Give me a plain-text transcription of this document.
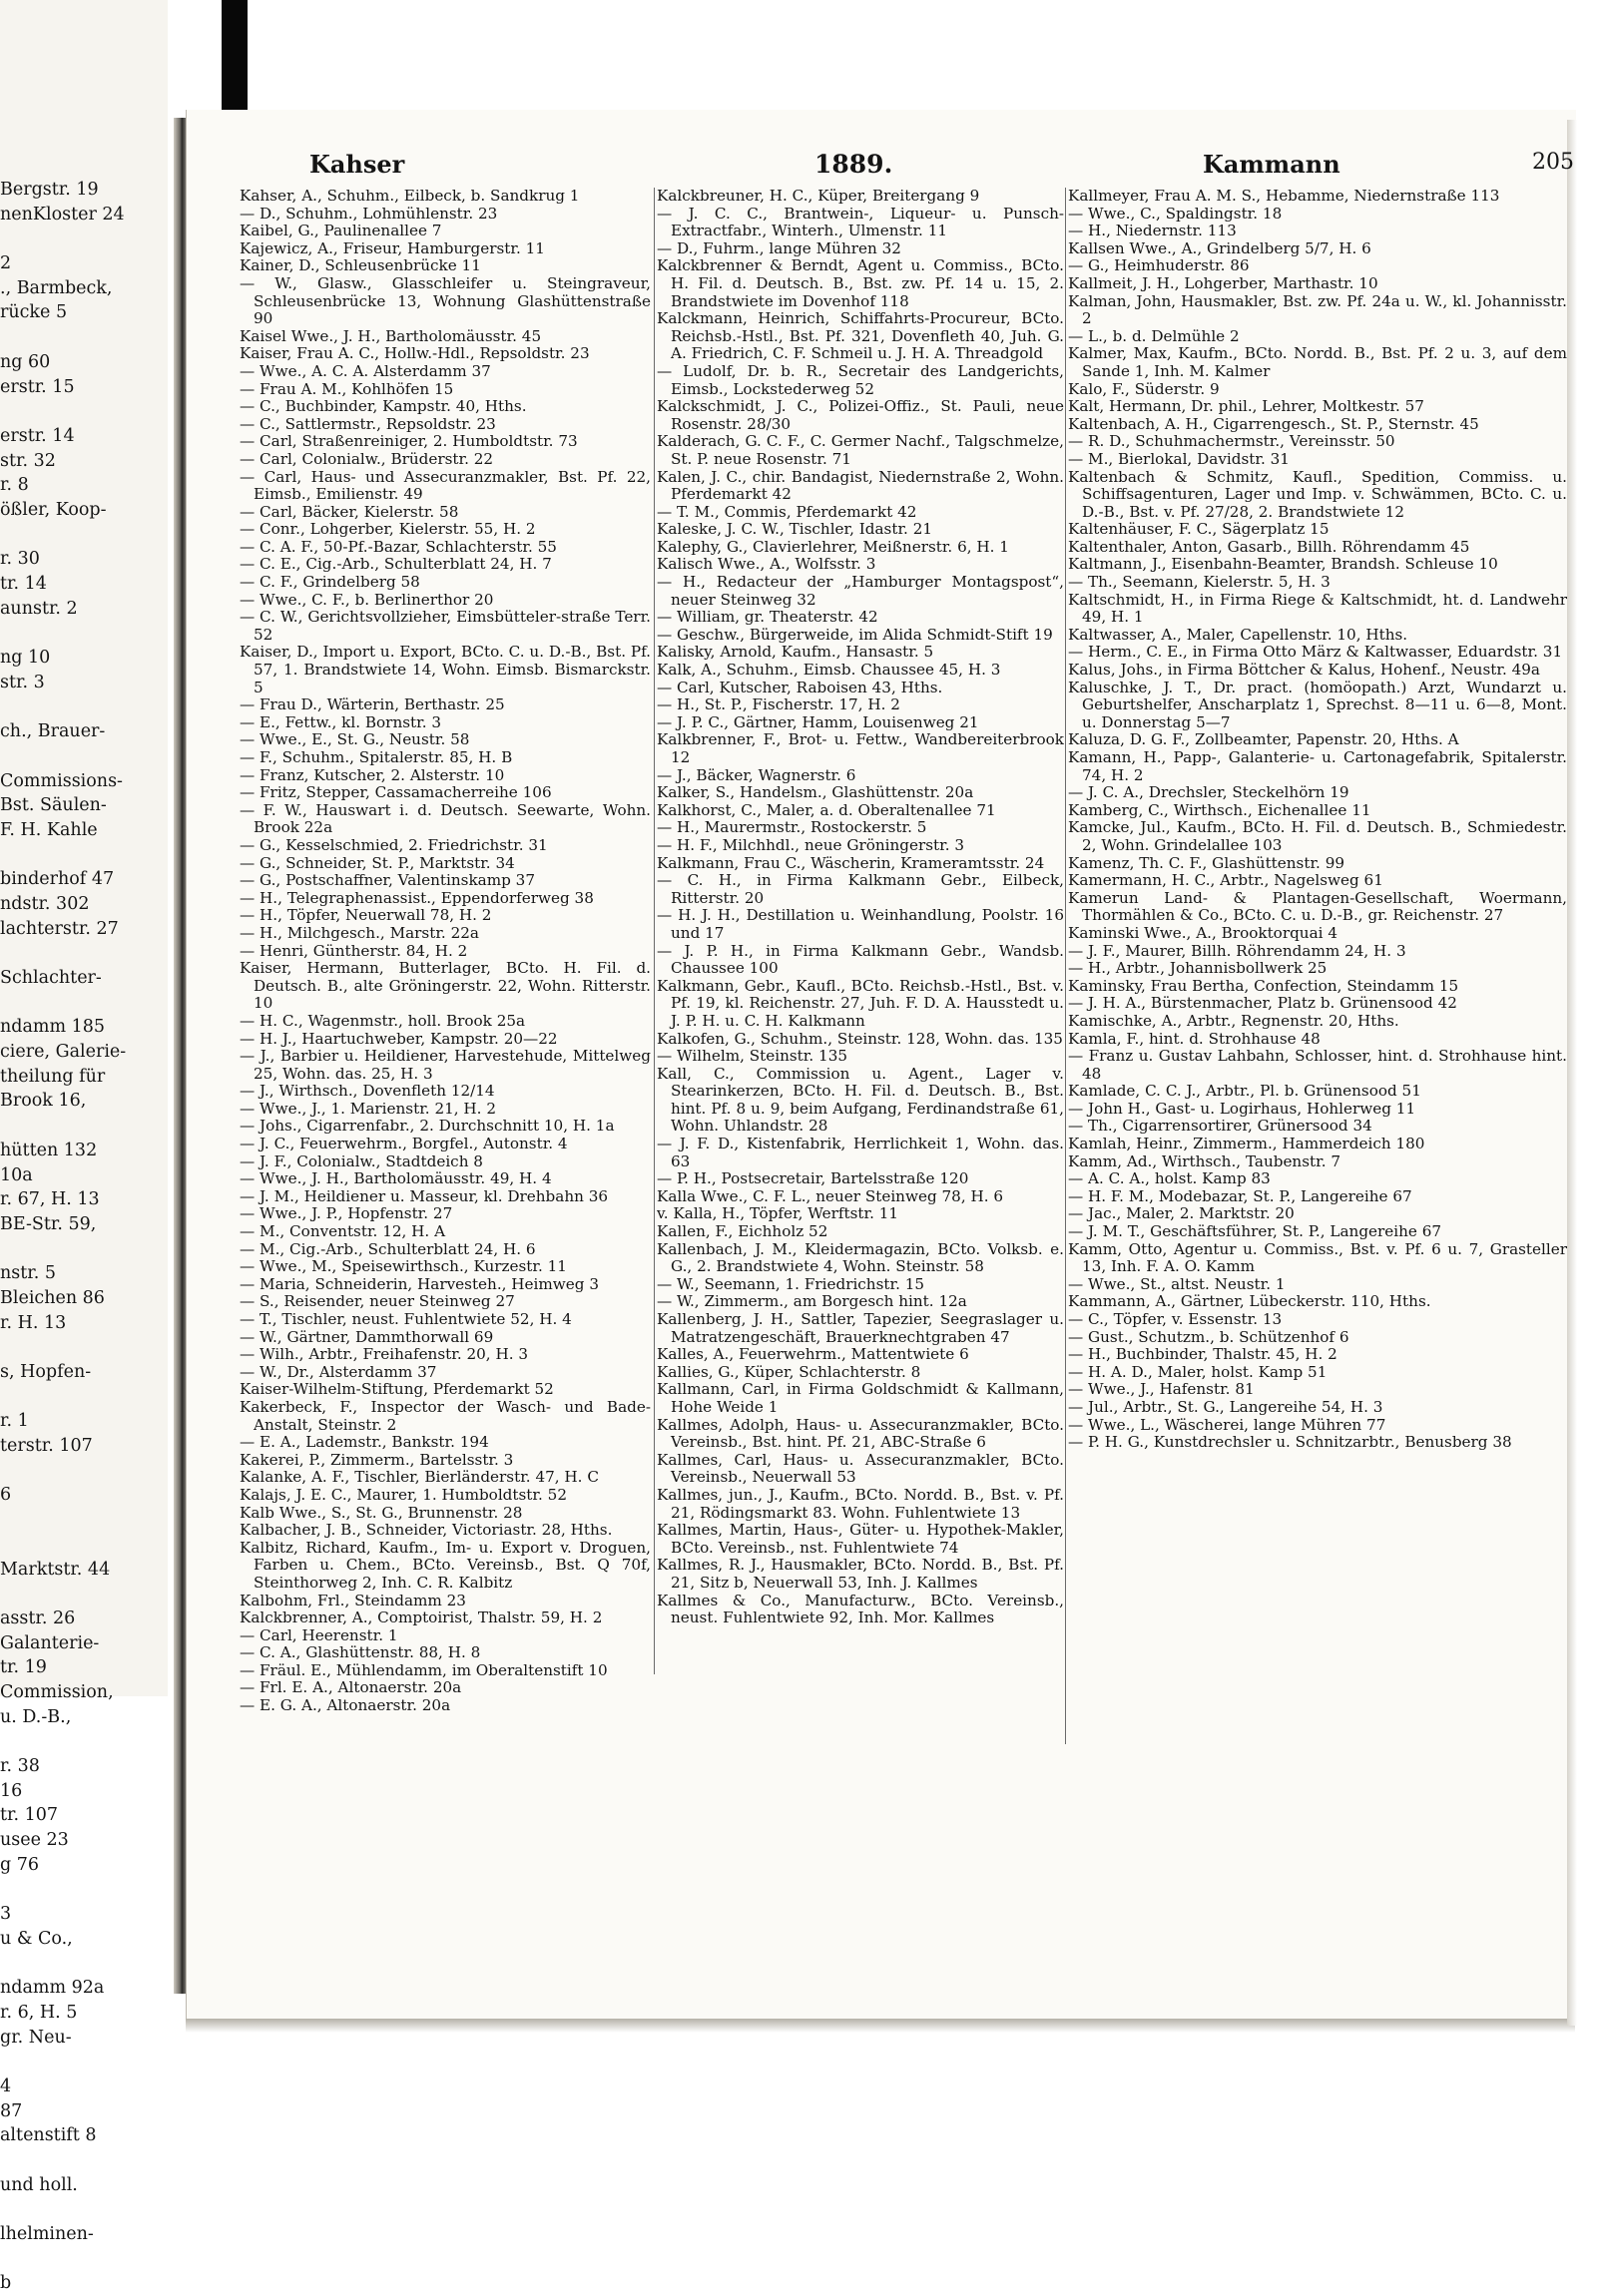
Bergstr. 19
nenKloster 24
2
., Barmbeck,
rücke 5
ng 60
erstr. 15
erstr. 14
str. 32
r. 8
ößler, Koop-
r. 30
tr. 14
aunstr. 2
ng 10
str. 3
ch., Brauer-
Commissions-
Bst. Säulen-
F. H. Kahle
binderhof 47
ndstr. 302
lachterstr. 27
Schlachter-
ndamm 185
ciere, Galerie-
theilung für
Brook 16,
hütten 132
10a
r. 67, H. 13
BE-Str. 59,
nstr. 5
Bleichen 86
r. H. 13
s, Hopfen-
r. 1
terstr. 107
6
Marktstr. 44
asstr. 26
Galanterie-
tr. 19
Commission,
u. D.-B.,
r. 38
16
tr. 107
usee 23
g 76
3
u & Co.,
ndamm 92a
r. 6, H. 5
gr. Neu-
4
87
altenstift 8
und holl.
lhelminen-
b
Kahser	1889.	Kammann	205
Kahser, A., Schuhm., Eilbeck, b. Sandkrug 1
— D., Schuhm., Lohmühlenstr. 23
Kaibel, G., Paulinenallee 7
Kajewicz, A., Friseur, Hamburgerstr. 11
Kainer, D., Schleusenbrücke 11
— W., Glasw., Glasschleifer u. Steingraveur, Schleusenbrücke 13, Wohnung Glashüttenstraße 90
Kaisel Wwe., J. H., Bartholomäusstr. 45
Kaiser, Frau A. C., Hollw.-Hdl., Repsoldstr. 23
— Wwe., A. C. A. Alsterdamm 37
— Frau A. M., Kohlhöfen 15
— C., Buchbinder, Kampstr. 40, Hths.
— C., Sattlermstr., Repsoldstr. 23
— Carl, Straßenreiniger, 2. Humboldtstr. 73
— Carl, Colonialw., Brüderstr. 22
— Carl, Haus- und Assecuranzmakler, Bst. Pf. 22, Eimsb., Emilienstr. 49
— Carl, Bäcker, Kielerstr. 58
— Conr., Lohgerber, Kielerstr. 55, H. 2
— C. A. F., 50-Pf.-Bazar, Schlachterstr. 55
— C. E., Cig.-Arb., Schulterblatt 24, H. 7
— C. F., Grindelberg 58
— Wwe., C. F., b. Berlinerthor 20
— C. W., Gerichtsvollzieher, Eimsbütteler-straße Terr. 52
Kaiser, D., Import u. Export, BCto. C. u. D.-B., Bst. Pf. 57, 1. Brandstwiete 14, Wohn. Eimsb. Bismarckstr. 5
— Frau D., Wärterin, Berthastr. 25
— E., Fettw., kl. Bornstr. 3
— Wwe., E., St. G., Neustr. 58
— F., Schuhm., Spitalerstr. 85, H. B
— Franz, Kutscher, 2. Alsterstr. 10
— Fritz, Stepper, Cassamacherreihe 106
— F. W., Hauswart i. d. Deutsch. Seewarte, Wohn. Brook 22a
— G., Kesselschmied, 2. Friedrichstr. 31
— G., Schneider, St. P., Marktstr. 34
— G., Postschaffner, Valentinskamp 37
— H., Telegraphenassist., Eppendorferweg 38
— H., Töpfer, Neuerwall 78, H. 2
— H., Milchgesch., Marstr. 22a
— Henri, Güntherstr. 84, H. 2
Kaiser, Hermann, Butterlager, BCto. H. Fil. d. Deutsch. B., alte Gröningerstr. 22, Wohn. Ritterstr. 10
— H. C., Wagenmstr., holl. Brook 25a
— H. J., Haartuchweber, Kampstr. 20—22
— J., Barbier u. Heildiener, Harvestehude, Mittelweg 25, Wohn. das. 25, H. 3
— J., Wirthsch., Dovenfleth 12/14
— Wwe., J., 1. Marienstr. 21, H. 2
— Johs., Cigarrenfabr., 2. Durchschnitt 10, H. 1a
— J. C., Feuerwehrm., Borgfel., Autonstr. 4
— J. F., Colonialw., Stadtdeich 8
— Wwe., J. H., Bartholomäusstr. 49, H. 4
— J. M., Heildiener u. Masseur, kl. Drehbahn 36
— Wwe., J. P., Hopfenstr. 27
— M., Conventstr. 12, H. A
— M., Cig.-Arb., Schulterblatt 24, H. 6
— Wwe., M., Speisewirthsch., Kurzestr. 11
— Maria, Schneiderin, Harvesteh., Heimweg 3
— S., Reisender, neuer Steinweg 27
— T., Tischler, neust. Fuhlentwiete 52, H. 4
— W., Gärtner, Dammthorwall 69
— Wilh., Arbtr., Freihafenstr. 20, H. 3
— W., Dr., Alsterdamm 37
Kaiser-Wilhelm-Stiftung, Pferdemarkt 52
Kakerbeck, F., Inspector der Wasch- und Bade-Anstalt, Steinstr. 2
— E. A., Lademstr., Bankstr. 194
Kakerei, P., Zimmerm., Bartelsstr. 3
Kalanke, A. F., Tischler, Bierländerstr. 47, H. C
Kalajs, J. E. C., Maurer, 1. Humboldtstr. 52
Kalb Wwe., S., St. G., Brunnenstr. 28
Kalbacher, J. B., Schneider, Victoriastr. 28, Hths.
Kalbitz, Richard, Kaufm., Im- u. Export v. Droguen, Farben u. Chem., BCto. Vereinsb., Bst. Q 70f, Steinthorweg 2, Inh. C. R. Kalbitz
Kalbohm, Frl., Steindamm 23
Kalckbrenner, A., Comptoirist, Thalstr. 59, H. 2
— Carl, Heerenstr. 1
— C. A., Glashüttenstr. 88, H. 8
— Fräul. E., Mühlendamm, im Oberaltenstift 10
— Frl. E. A., Altonaerstr. 20a
— E. G. A., Altonaerstr. 20a
Kalckbreuner, H. C., Küper, Breitergang 9
— J. C. C., Brantwein-, Liqueur- u. Punsch-Extractfabr., Winterh., Ulmenstr. 11
— D., Fuhrm., lange Mühren 32
Kalckbrenner & Berndt, Agent u. Commiss., BCto. H. Fil. d. Deutsch. B., Bst. zw. Pf. 14 u. 15, 2. Brandstwiete im Dovenhof 118
Kalckmann, Heinrich, Schiffahrts-Procureur, BCto. Reichsb.-Hstl., Bst. Pf. 321, Dovenfleth 40, Juh. G. A. Friedrich, C. F. Schmeil u. J. H. A. Threadgold
— Ludolf, Dr. b. R., Secretair des Landgerichts, Eimsb., Lockstederweg 52
Kalckschmidt, J. C., Polizei-Offiz., St. Pauli, neue Rosenstr. 28/30
Kalderach, G. C. F., C. Germer Nachf., Talgschmelze, St. P. neue Rosenstr. 71
Kalen, J. C., chir. Bandagist, Niedernstraße 2, Wohn. Pferdemarkt 42
— T. M., Commis, Pferdemarkt 42
Kaleske, J. C. W., Tischler, Idastr. 21
Kalephy, G., Clavierlehrer, Meißnerstr. 6, H. 1
Kalisch Wwe., A., Wolfsstr. 3
— H., Redacteur der „Hamburger Montagspost“, neuer Steinweg 32
— William, gr. Theaterstr. 42
— Geschw., Bürgerweide, im Alida Schmidt-Stift 19
Kalisky, Arnold, Kaufm., Hansastr. 5
Kalk, A., Schuhm., Eimsb. Chaussee 45, H. 3
— Carl, Kutscher, Raboisen 43, Hths.
— H., St. P., Fischerstr. 17, H. 2
— J. P. C., Gärtner, Hamm, Louisenweg 21
Kalkbrenner, F., Brot- u. Fettw., Wandbereiterbrook 12
— J., Bäcker, Wagnerstr. 6
Kalker, S., Handelsm., Glashüttenstr. 20a
Kalkhorst, C., Maler, a. d. Oberaltenallee 71
— H., Maurermstr., Rostockerstr. 5
— H. F., Milchhdl., neue Gröningerstr. 3
Kalkmann, Frau C., Wäscherin, Krameramtsstr. 24
— C. H., in Firma Kalkmann Gebr., Eilbeck, Ritterstr. 20
— H. J. H., Destillation u. Weinhandlung, Poolstr. 16 und 17
— J. P. H., in Firma Kalkmann Gebr., Wandsb. Chaussee 100
Kalkmann, Gebr., Kaufl., BCto. Reichsb.-Hstl., Bst. v. Pf. 19, kl. Reichenstr. 27, Juh. F. D. A. Hausstedt u. J. P. H. u. C. H. Kalkmann
Kalkofen, G., Schuhm., Steinstr. 128, Wohn. das. 135
— Wilhelm, Steinstr. 135
Kall, C., Commission u. Agent., Lager v. Stearinkerzen, BCto. H. Fil. d. Deutsch. B., Bst. hint. Pf. 8 u. 9, beim Aufgang, Ferdinandstraße 61, Wohn. Uhlandstr. 28
— J. F. D., Kistenfabrik, Herrlichkeit 1, Wohn. das. 63
— P. H., Postsecretair, Bartelsstraße 120
Kalla Wwe., C. F. L., neuer Steinweg 78, H. 6
v. Kalla, H., Töpfer, Werftstr. 11
Kallen, F., Eichholz 52
Kallenbach, J. M., Kleidermagazin, BCto. Volksb. e. G., 2. Brandstwiete 4, Wohn. Steinstr. 58
— W., Seemann, 1. Friedrichstr. 15
— W., Zimmerm., am Borgesch hint. 12a
Kallenberg, J. H., Sattler, Tapezier, Seegraslager u. Matratzengeschäft, Brauerknechtgraben 47
Kalles, A., Feuerwehrm., Mattentwiete 6
Kallies, G., Küper, Schlachterstr. 8
Kallmann, Carl, in Firma Goldschmidt & Kallmann, Hohe Weide 1
Kallmes, Adolph, Haus- u. Assecuranzmakler, BCto. Vereinsb., Bst. hint. Pf. 21, ABC-Straße 6
Kallmes, Carl, Haus- u. Assecuranzmakler, BCto. Vereinsb., Neuerwall 53
Kallmes, jun., J., Kaufm., BCto. Nordd. B., Bst. v. Pf. 21, Rödingsmarkt 83. Wohn. Fuhlentwiete 13
Kallmes, Martin, Haus-, Güter- u. Hypothek-Makler, BCto. Vereinsb., nst. Fuhlentwiete 74
Kallmes, R. J., Hausmakler, BCto. Nordd. B., Bst. Pf. 21, Sitz b, Neuerwall 53, Inh. J. Kallmes
Kallmes & Co., Manufacturw., BCto. Vereinsb., neust. Fuhlentwiete 92, Inh. Mor. Kallmes
Kallmeyer, Frau A. M. S., Hebamme, Niedernstraße 113
— Wwe., C., Spaldingstr. 18
— H., Niedernstr. 113
Kallsen Wwe., A., Grindelberg 5/7, H. 6
— G., Heimhuderstr. 86
Kallmeit, J. H., Lohgerber, Marthastr. 10
Kalman, John, Hausmakler, Bst. zw. Pf. 24a u. W., kl. Johannisstr. 2
— L., b. d. Delmühle 2
Kalmer, Max, Kaufm., BCto. Nordd. B., Bst. Pf. 2 u. 3, auf dem Sande 1, Inh. M. Kalmer
Kalo, F., Süderstr. 9
Kalt, Hermann, Dr. phil., Lehrer, Moltkestr. 57
Kaltenbach, A. H., Cigarrengesch., St. P., Sternstr. 45
— R. D., Schuhmachermstr., Vereinsstr. 50
— M., Bierlokal, Davidstr. 31
Kaltenbach & Schmitz, Kaufl., Spedition, Commiss. u. Schiffsagenturen, Lager und Imp. v. Schwämmen, BCto. C. u. D.-B., Bst. v. Pf. 27/28, 2. Brandstwiete 12
Kaltenhäuser, F. C., Sägerplatz 15
Kaltenthaler, Anton, Gasarb., Billh. Röhrendamm 45
Kaltmann, J., Eisenbahn-Beamter, Brandsh. Schleuse 10
— Th., Seemann, Kielerstr. 5, H. 3
Kaltschmidt, H., in Firma Riege & Kaltschmidt, ht. d. Landwehr 49, H. 1
Kaltwasser, A., Maler, Capellenstr. 10, Hths.
— Herm., C. E., in Firma Otto März & Kaltwasser, Eduardstr. 31
Kalus, Johs., in Firma Böttcher & Kalus, Hohenf., Neustr. 49a
Kaluschke, J. T., Dr. pract. (homöopath.) Arzt, Wundarzt u. Geburtshelfer, Anscharplatz 1, Sprechst. 8—11 u. 6—8, Mont. u. Donnerstag 5—7
Kaluza, D. G. F., Zollbeamter, Papenstr. 20, Hths. A
Kamann, H., Papp-, Galanterie- u. Cartonagefabrik, Spitalerstr. 74, H. 2
— J. C. A., Drechsler, Steckelhörn 19
Kamberg, C., Wirthsch., Eichenallee 11
Kamcke, Jul., Kaufm., BCto. H. Fil. d. Deutsch. B., Schmiedestr. 2, Wohn. Grindelallee 103
Kamenz, Th. C. F., Glashüttenstr. 99
Kamermann, H. C., Arbtr., Nagelsweg 61
Kamerun Land- & Plantagen-Gesellschaft, Woermann, Thormählen & Co., BCto. C. u. D.-B., gr. Reichenstr. 27
Kaminski Wwe., A., Brooktorquai 4
— J. F., Maurer, Billh. Röhrendamm 24, H. 3
— H., Arbtr., Johannisbollwerk 25
Kaminsky, Frau Bertha, Confection, Steindamm 15
— J. H. A., Bürstenmacher, Platz b. Grünensood 42
Kamischke, A., Arbtr., Regnenstr. 20, Hths.
Kamla, F., hint. d. Strohhause 48
— Franz u. Gustav Lahbahn, Schlosser, hint. d. Strohhause hint. 48
Kamlade, C. C. J., Arbtr., Pl. b. Grünensood 51
— John H., Gast- u. Logirhaus, Hohlerweg 11
— Th., Cigarrensortirer, Grünersood 34
Kamlah, Heinr., Zimmerm., Hammerdeich 180
Kamm, Ad., Wirthsch., Taubenstr. 7
— A. C. A., holst. Kamp 83
— H. F. M., Modebazar, St. P., Langereihe 67
— Jac., Maler, 2. Marktstr. 20
— J. M. T., Geschäftsführer, St. P., Langereihe 67
Kamm, Otto, Agentur u. Commiss., Bst. v. Pf. 6 u. 7, Grasteller 13, Inh. F. A. O. Kamm
— Wwe., St., altst. Neustr. 1
Kammann, A., Gärtner, Lübeckerstr. 110, Hths.
— C., Töpfer, v. Essenstr. 13
— Gust., Schutzm., b. Schützenhof 6
— H., Buchbinder, Thalstr. 45, H. 2
— H. A. D., Maler, holst. Kamp 51
— Wwe., J., Hafenstr. 81
— Jul., Arbtr., St. G., Langereihe 54, H. 3
— Wwe., L., Wäscherei, lange Mühren 77
— P. H. G., Kunstdrechsler u. Schnitzarbtr., Benusberg 38
